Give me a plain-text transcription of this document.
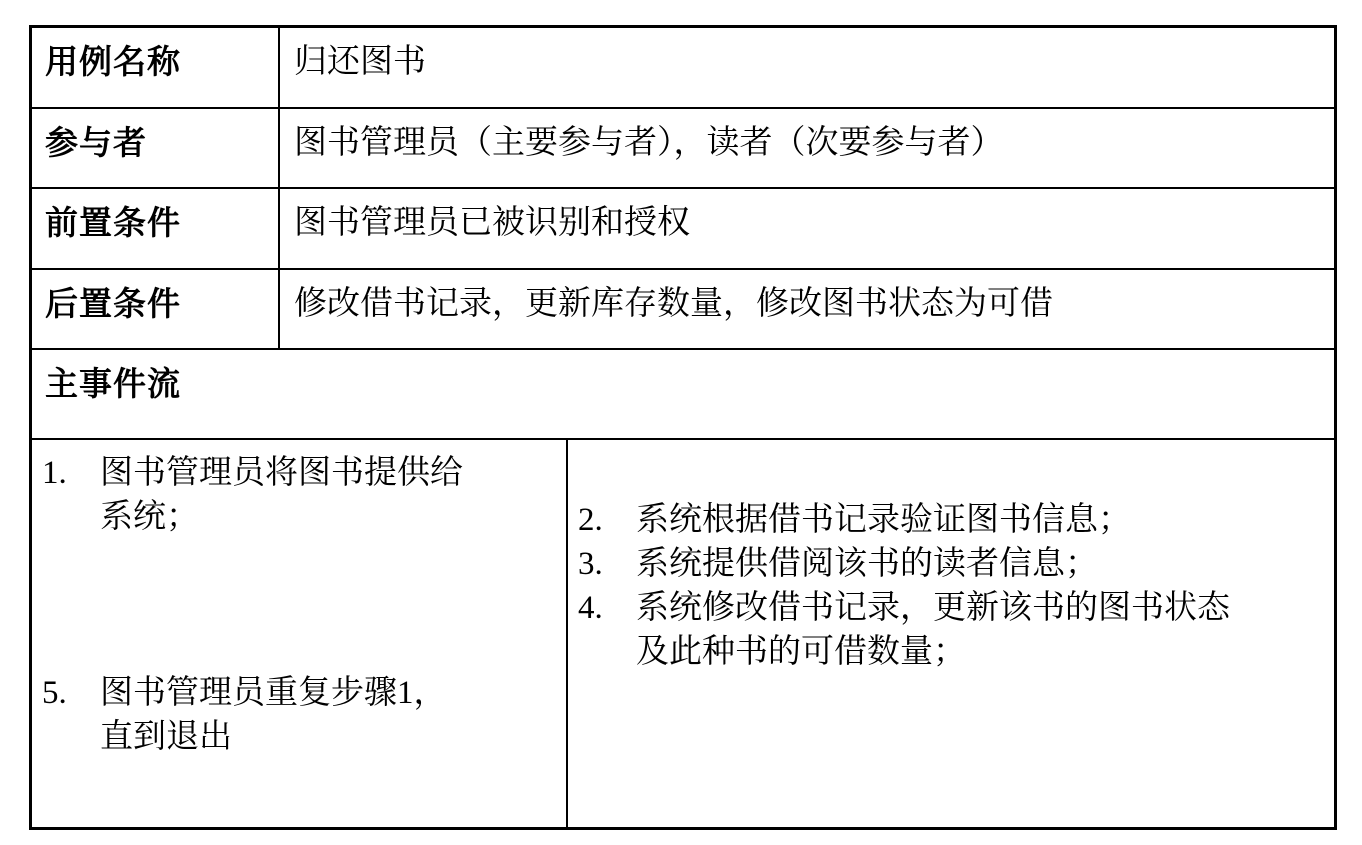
用例名称	归还图书
参与者	图书管理员（主要参与者），读者（次要参与者）
前置条件	图书管理员已被识别和授权
后置条件	修改借书记录，更新库存数量，修改图书状态为可借
主事件流
1.	图书管理员将图书提供给
系统；
5.	图书管理员重复步骤1，
直到退出
2.	系统根据借书记录验证图书信息；
3.	系统提供借阅该书的读者信息；
4.	系统修改借书记录，更新该书的图书状态
及此种书的可借数量；
